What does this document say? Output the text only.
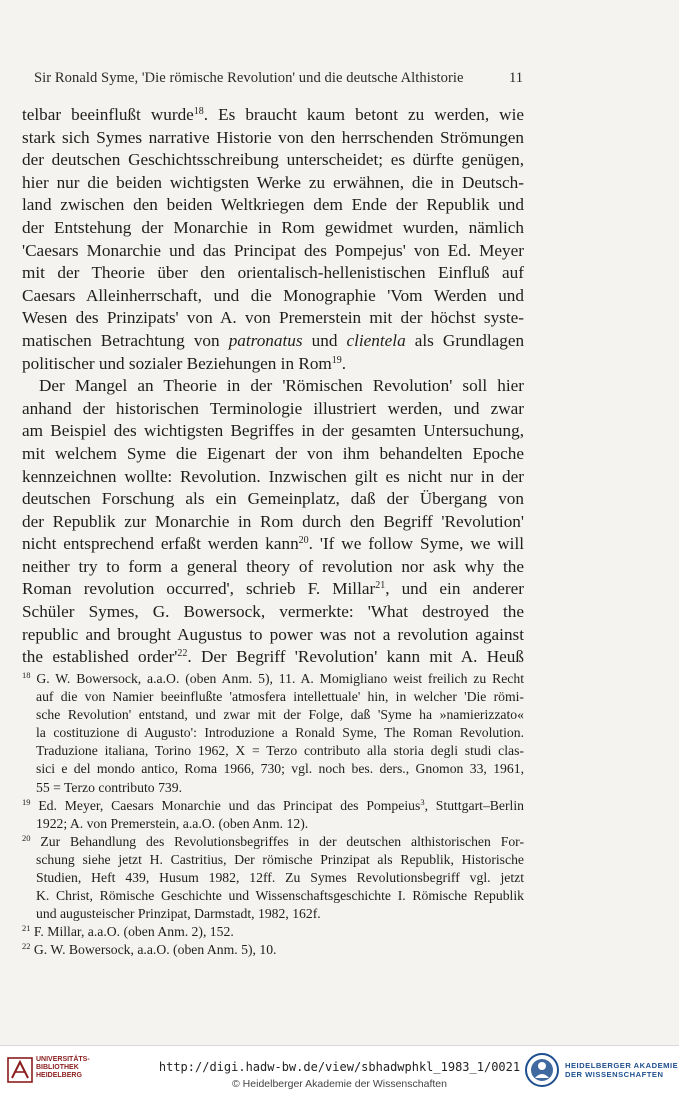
Sir Ronald Syme, 'Die römische Revolution' und die deutsche Althistorie	11
telbar beeinflußt wurde$^{18}$. Es braucht kaum betont zu werden, wie
stark sich Symes narrative Historie von den herrschenden Strömungen
der deutschen Geschichtsschreibung unterscheidet; es dürfte genügen,
hier nur die beiden wichtigsten Werke zu erwähnen, die in Deutsch-
land zwischen den beiden Weltkriegen dem Ende der Republik und
der Entstehung der Monarchie in Rom gewidmet wurden, nämlich
'Caesars Monarchie und das Principat des Pompejus' von Ed. Meyer
mit der Theorie über den orientalisch-hellenistischen Einfluß auf
Caesars Alleinherrschaft, und die Monographie 'Vom Werden und
Wesen des Prinzipats' von A. von Premerstein mit der höchst syste-
matischen Betrachtung von patronatus und clientela als Grundlagen
politischer und sozialer Beziehungen in Rom$^{19}$.
Der Mangel an Theorie in der 'Römischen Revolution' soll hier
anhand der historischen Terminologie illustriert werden, und zwar
am Beispiel des wichtigsten Begriffes in der gesamten Untersuchung,
mit welchem Syme die Eigenart der von ihm behandelten Epoche
kennzeichnen wollte: Revolution. Inzwischen gilt es nicht nur in der
deutschen Forschung als ein Gemeinplatz, daß der Übergang von
der Republik zur Monarchie in Rom durch den Begriff 'Revolution'
nicht entsprechend erfaßt werden kann$^{20}$. 'If we follow Syme, we will
neither try to form a general theory of revolution nor ask why the
Roman revolution occurred', schrieb F. Millar$^{21}$, und ein anderer
Schüler Symes, G. Bowersock, vermerkte: 'What destroyed the
republic and brought Augustus to power was not a revolution against
the established $order'^{22}$. Der Begriff 'Revolution' kann mit A. Heuß
$^{18}$ G. W. Bowersock, a.a.O. (oben Anm. 5), 11. A. Momigliano weist freilich zu Recht
auf die von Namier beeinflußte 'atmosfera intellettuale' hin, in welcher 'Die römi-
sche Revolution' entstand, und zwar mit der Folge, daß 'Syme ha »namierizzato«
la costituzione di Augusto': Introduzione a Ronald Syme, The Roman Revolution.
Traduzione italiana, Torino 1962, X = Terzo contributo alla storia degli studi clas-
sici e del mondo antico, Roma 1966, 730; vgl. noch bes. ders., Gnomon 33, 1961,
55 = Terzo contributo 739.
$^{19}$ Ed. Meyer, Caesars Monarchie und das Principat des Pompeius$^3$, Stuttgart–Berlin
1922; A. von Premerstein, a.a.O. (oben Anm. 12).
$^{20}$ Zur Behandlung des Revolutionsbegriffes in der deutschen althistorischen For-
schung siehe jetzt H. Castritius, Der römische Prinzipat als Republik, Historische
Studien, Heft 439, Husum 1982, 12ff. Zu Symes Revolutionsbegriff vgl. jetzt
K. Christ, Römische Geschichte und Wissenschaftsgeschichte I. Römische Republik
und augusteischer Prinzipat, Darmstadt, 1982, 162f.
$^{21}$ F. Millar, a.a.O. (oben Anm. 2), 152.
$^{22}$ G. W. Bowersock, a.a.O. (oben Anm. 5), 10.
UNIVERSITÄTS-
BIBLIOTHEK
HEIDELBERG
http://digi.hadw-bw.de/view/sbhadwphkl_1983_1/0021
© Heidelberger Akademie der Wissenschaften
HEIDELBERGER AKADEMIE
DER WISSENSCHAFTEN
